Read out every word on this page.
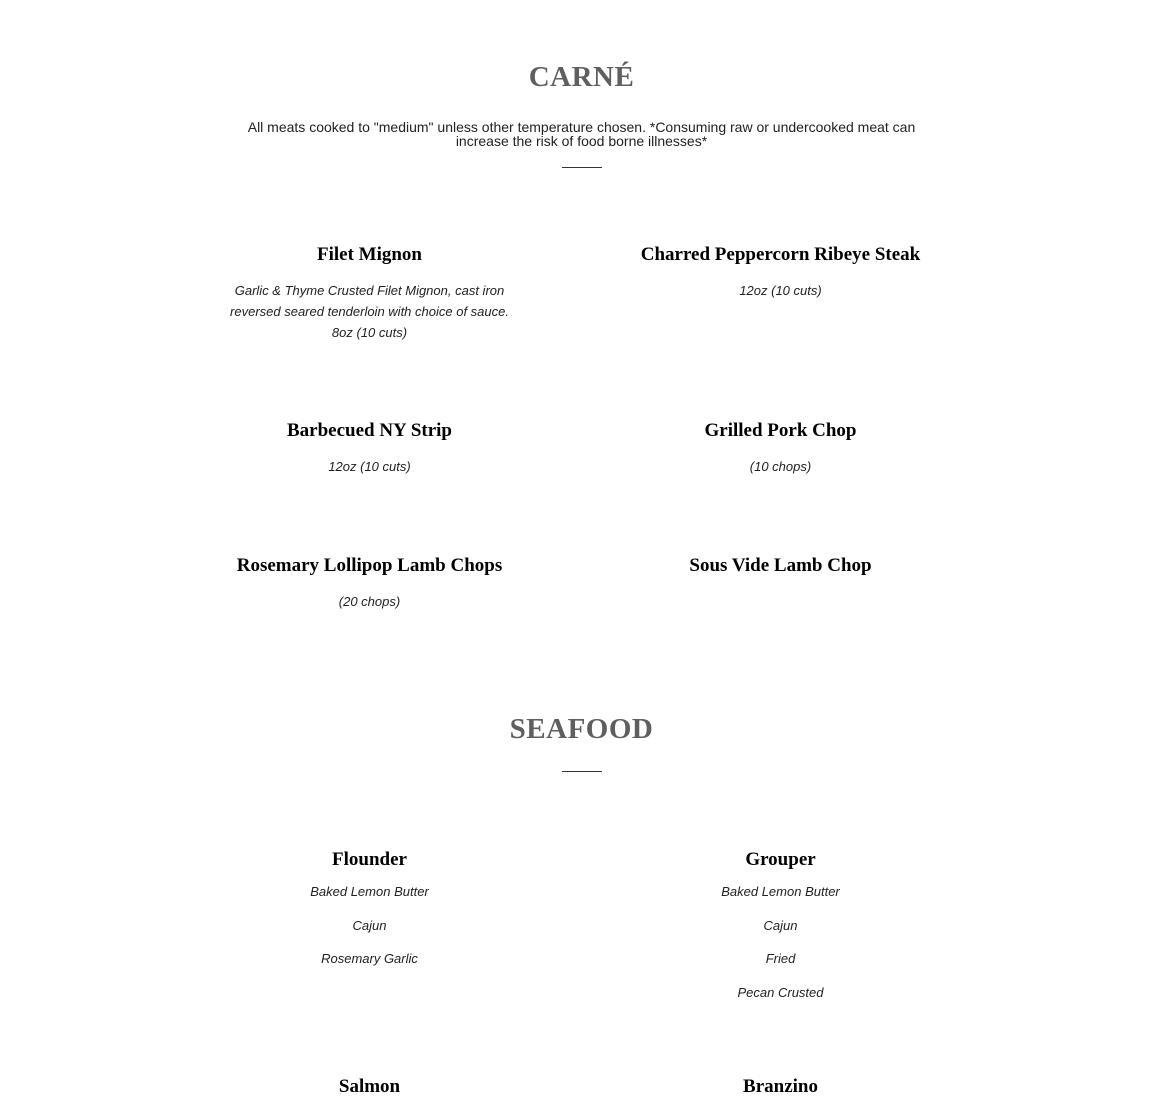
CARNÉ

All meats cooked to "medium" unless other temperature chosen. *Consuming raw or undercooked meat can increase the risk of food borne illnesses*

Filet Mignon

Garlic & Thyme Crusted Filet Mignon, cast iron reversed seared tenderloin with choice of sauce. 8oz (10 cuts)

Charred Peppercorn Ribeye Steak

12oz (10 cuts)

Barbecued NY Strip

12oz (10 cuts)

Grilled Pork Chop

(10 chops)

Rosemary Lollipop Lamb Chops

(20 chops)

Sous Vide Lamb Chop
SEAFOOD
Flounder

Baked Lemon Butter

Cajun

Rosemary Garlic

Grouper

Baked Lemon Butter

Cajun

Fried

Pecan Crusted

Salmon	Branzino
